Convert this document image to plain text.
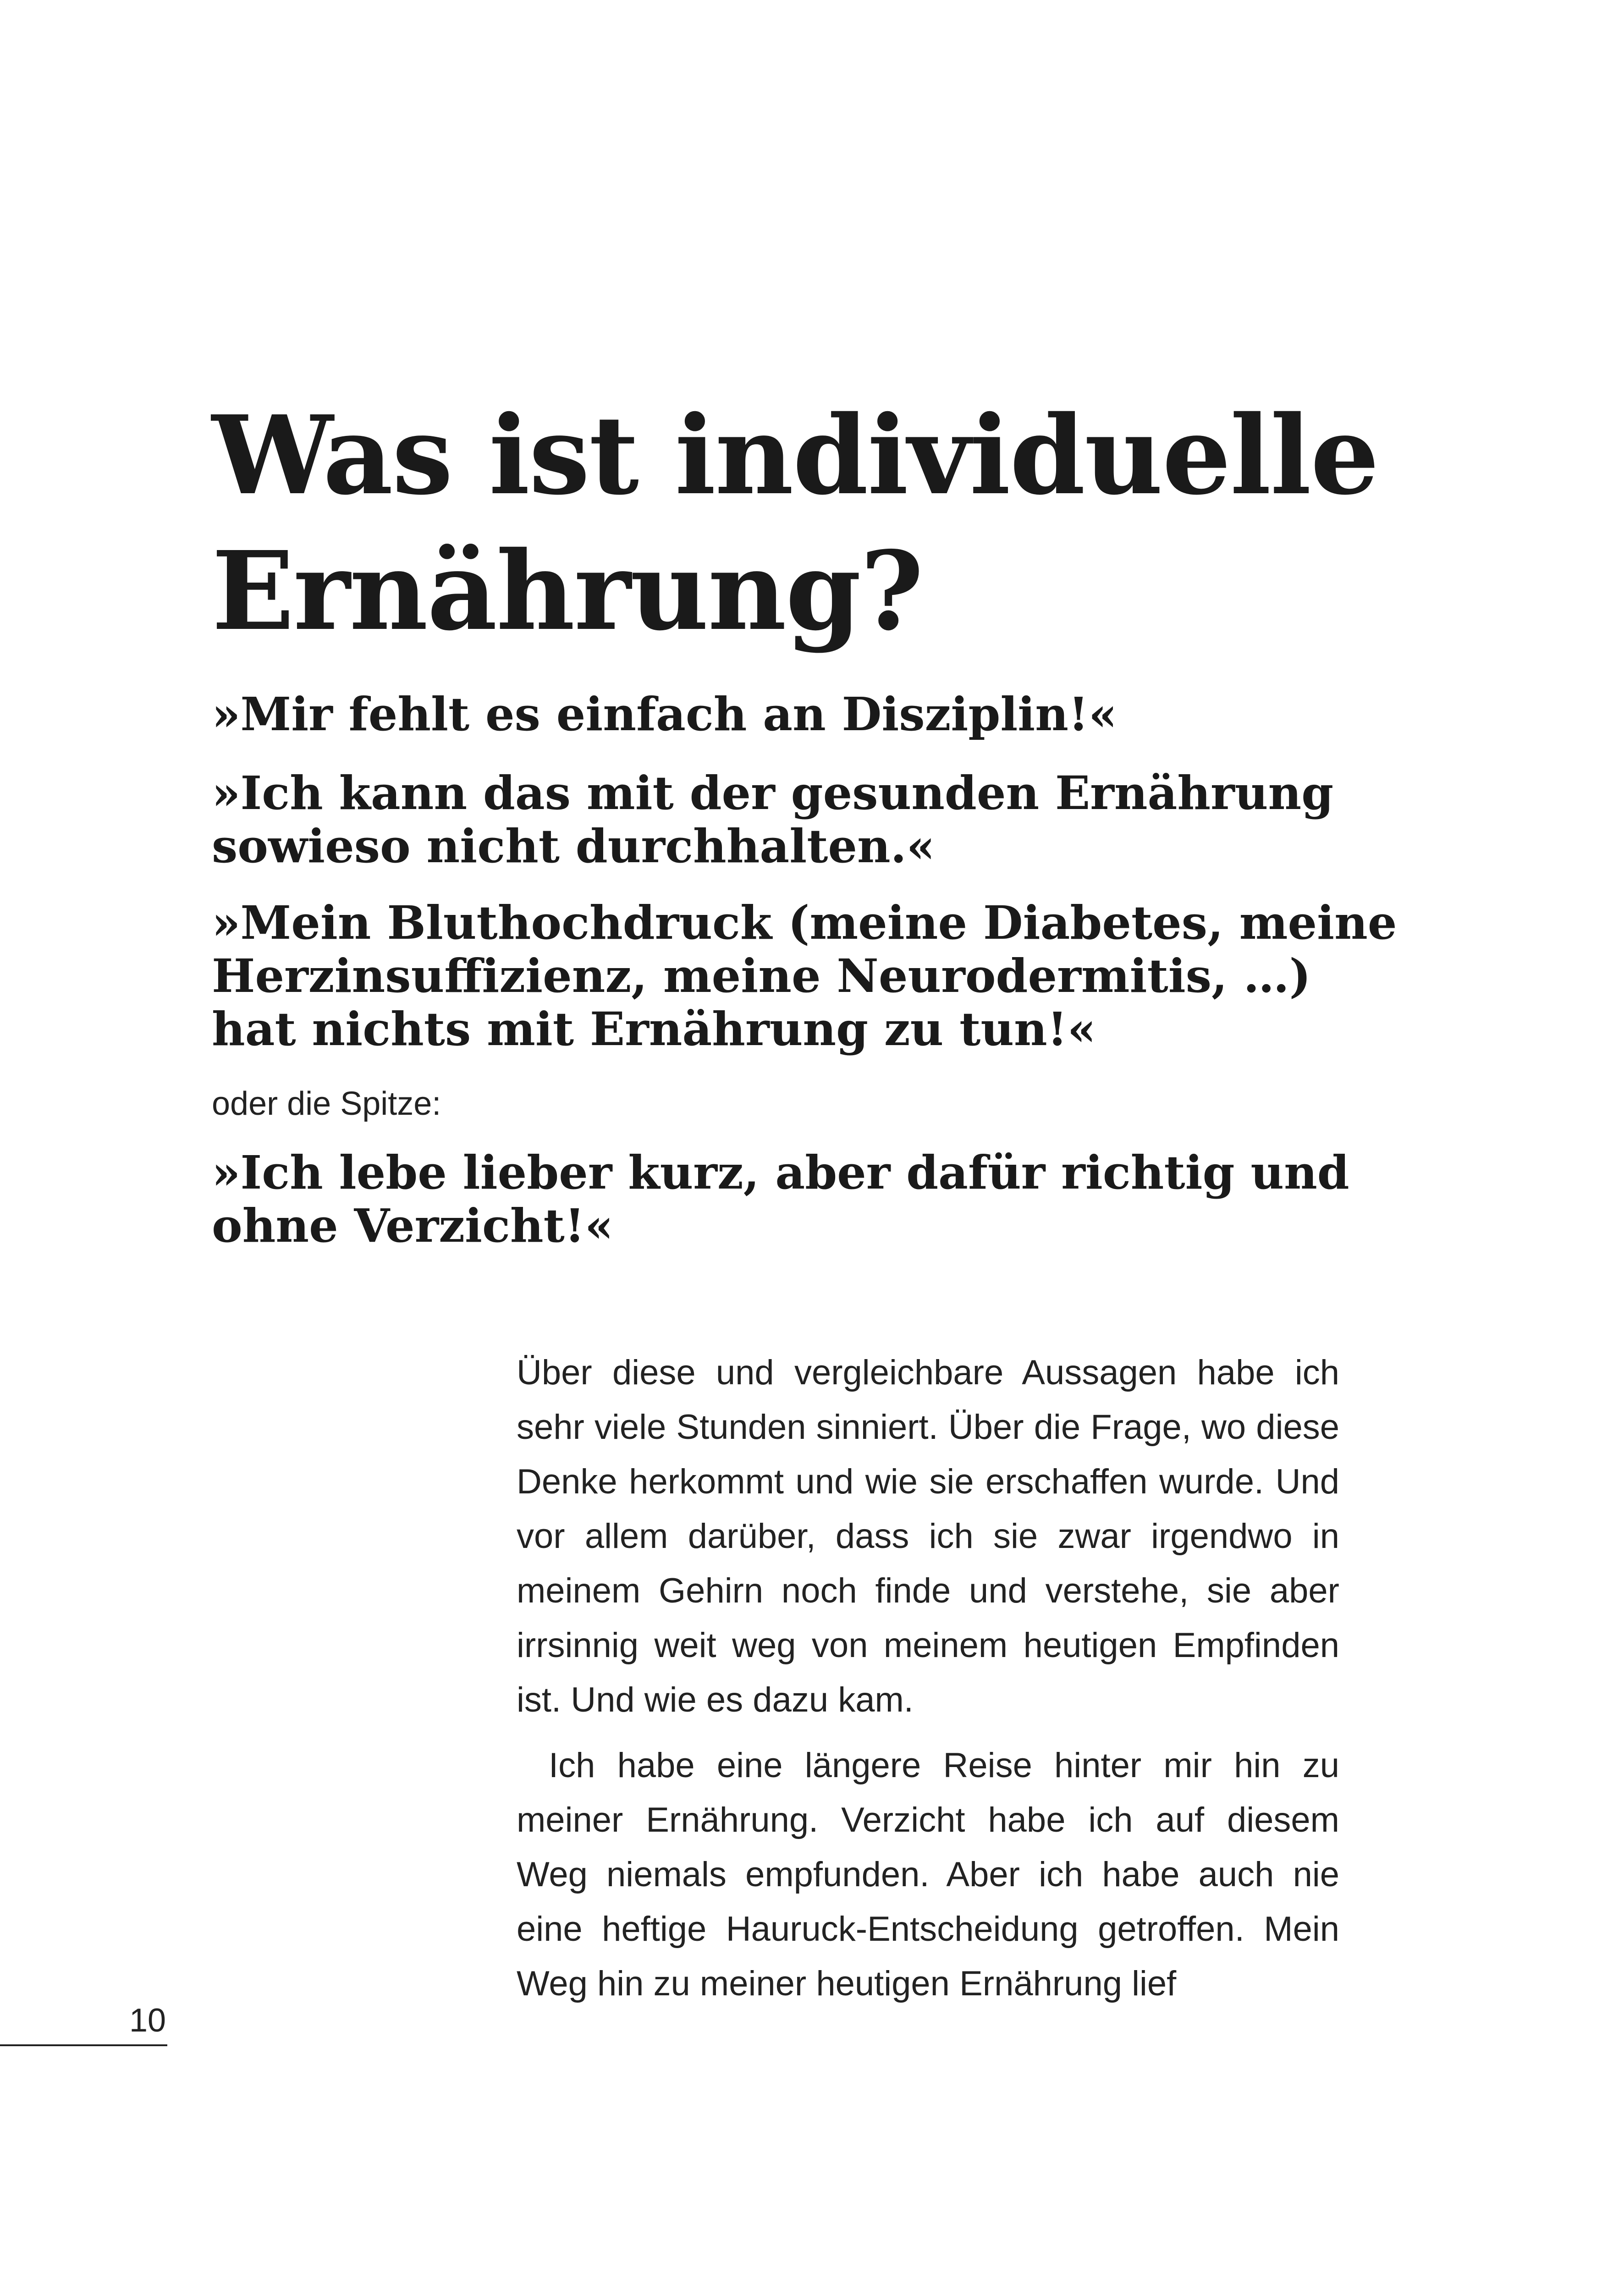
Was ist individuelle Ernährung?

»Mir fehlt es einfach an Disziplin!«

»Ich kann das mit der gesunden Ernährung sowieso nicht durchhalten.«

»Mein Bluthochdruck (meine Diabetes, meine Herzinsuffizienz, meine Neurodermitis, …) hat nichts mit Ernährung zu tun!«

oder die Spitze:

»Ich lebe lieber kurz, aber dafür richtig und ohne Verzicht!«

Über diese und vergleichbare Aussagen habe ich sehr viele Stunden sinniert. Über die Frage, wo diese Denke herkommt und wie sie erschaffen wurde. Und vor allem darüber, dass ich sie zwar irgendwo in meinem Gehirn noch finde und verstehe, sie aber irrsinnig weit weg von meinem heutigen Empfinden ist. Und wie es dazu kam.

Ich habe eine längere Reise hinter mir hin zu meiner Ernährung. Verzicht habe ich auf diesem Weg niemals empfunden. Aber ich habe auch nie eine heftige Hauruck-Entscheidung getroffen. Mein Weg hin zu meiner heutigen Ernährung lief

10
